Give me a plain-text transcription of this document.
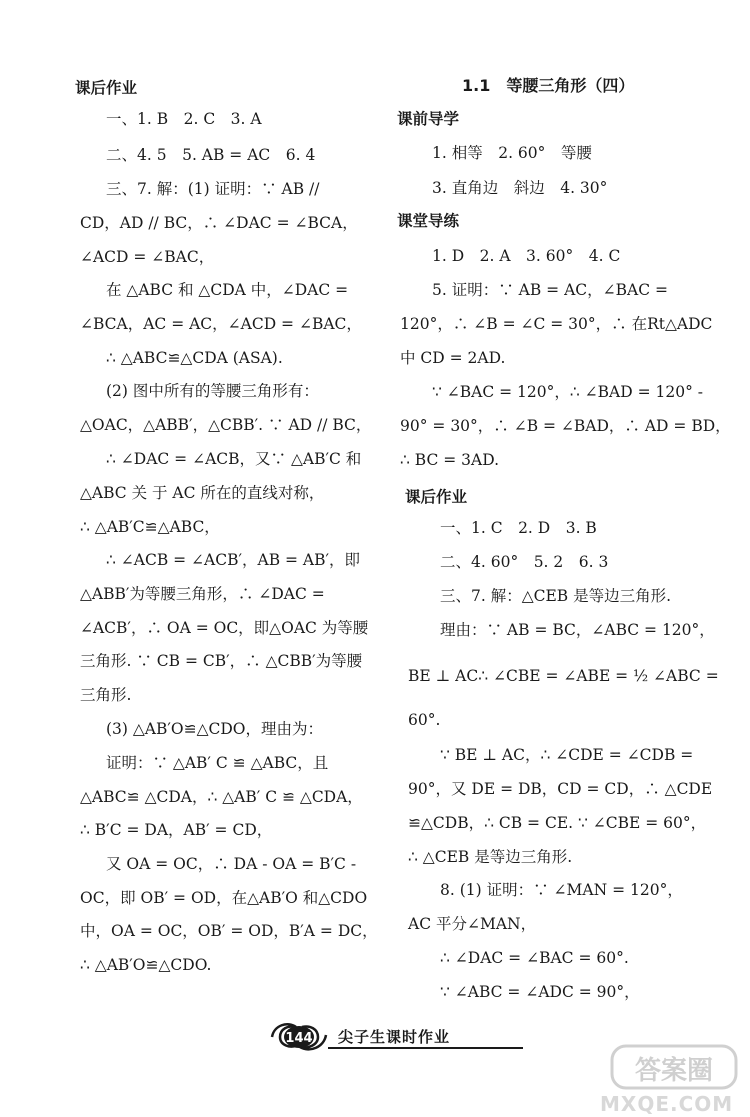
课后作业
一、1. B　2. C　3. A
二、4. 5　5. AB = AC　6. 4
三、7. 解：(1) 证明：∵ AB //
CD，AD // BC，∴ ∠DAC = ∠BCA，
∠ACD = ∠BAC，
在 △ABC 和 △CDA 中，∠DAC =
∠BCA，AC = AC，∠ACD = ∠BAC，
∴ △ABC≌△CDA (ASA).
(2) 图中所有的等腰三角形有：
△OAC，△ABB′，△CBB′. ∵ AD // BC，
∴ ∠DAC = ∠ACB，又∵ △AB′C 和
△ABC 关 于 AC 所在的直线对称，
∴ △AB′C≌△ABC，
∴ ∠ACB = ∠ACB′，AB = AB′，即
△ABB′为等腰三角形，∴ ∠DAC =
∠ACB′，∴ OA = OC，即△OAC 为等腰
三角形. ∵ CB = CB′，∴ △CBB′为等腰
三角形.
(3) △AB′O≌△CDO，理由为：
证明：∵ △AB′ C ≌ △ABC，且
△ABC≌ △CDA，∴ △AB′ C ≌ △CDA，
∴ B′C = DA，AB′ = CD，
又 OA = OC，∴ DA - OA = B′C -
OC，即 OB′ = OD，在△AB′O 和△CDO
中，OA = OC，OB′ = OD，B′A = DC，
∴ △AB′O≌△CDO.
1.1　等腰三角形（四）
课前导学
1. 相等　2. 60°　等腰
3. 直角边　斜边　4. 30°
课堂导练
1. D　2. A　3. 60°　4. C
5. 证明：∵ AB = AC，∠BAC =
120°，∴ ∠B = ∠C = 30°，∴ 在Rt△ADC
中 CD = 2AD.
∵ ∠BAC = 120°，∴ ∠BAD = 120° -
90° = 30°，∴ ∠B = ∠BAD，∴ AD = BD，
∴ BC = 3AD.
课后作业
一、1. C　2. D　3. B
二、4. 60°　5. 2　6. 3
三、7. 解：△CEB 是等边三角形.
理由：∵ AB = BC，∠ABC = 120°，
BE ⊥ AC∴ ∠CBE = ∠ABE = ½ ∠ABC =
60°.
∵ BE ⊥ AC，∴ ∠CDE = ∠CDB =
90°，又 DE = DB，CD = CD，∴ △CDE
≌△CDB，∴ CB = CE. ∵ ∠CBE = 60°，
∴ △CEB 是等边三角形.
8. (1) 证明：∵ ∠MAN = 120°，
AC 平分∠MAN，
∴ ∠DAC = ∠BAC = 60°.
∵ ∠ABC = ∠ADC = 90°，
144 尖子生课时作业
答案圈
MXQE.COM
